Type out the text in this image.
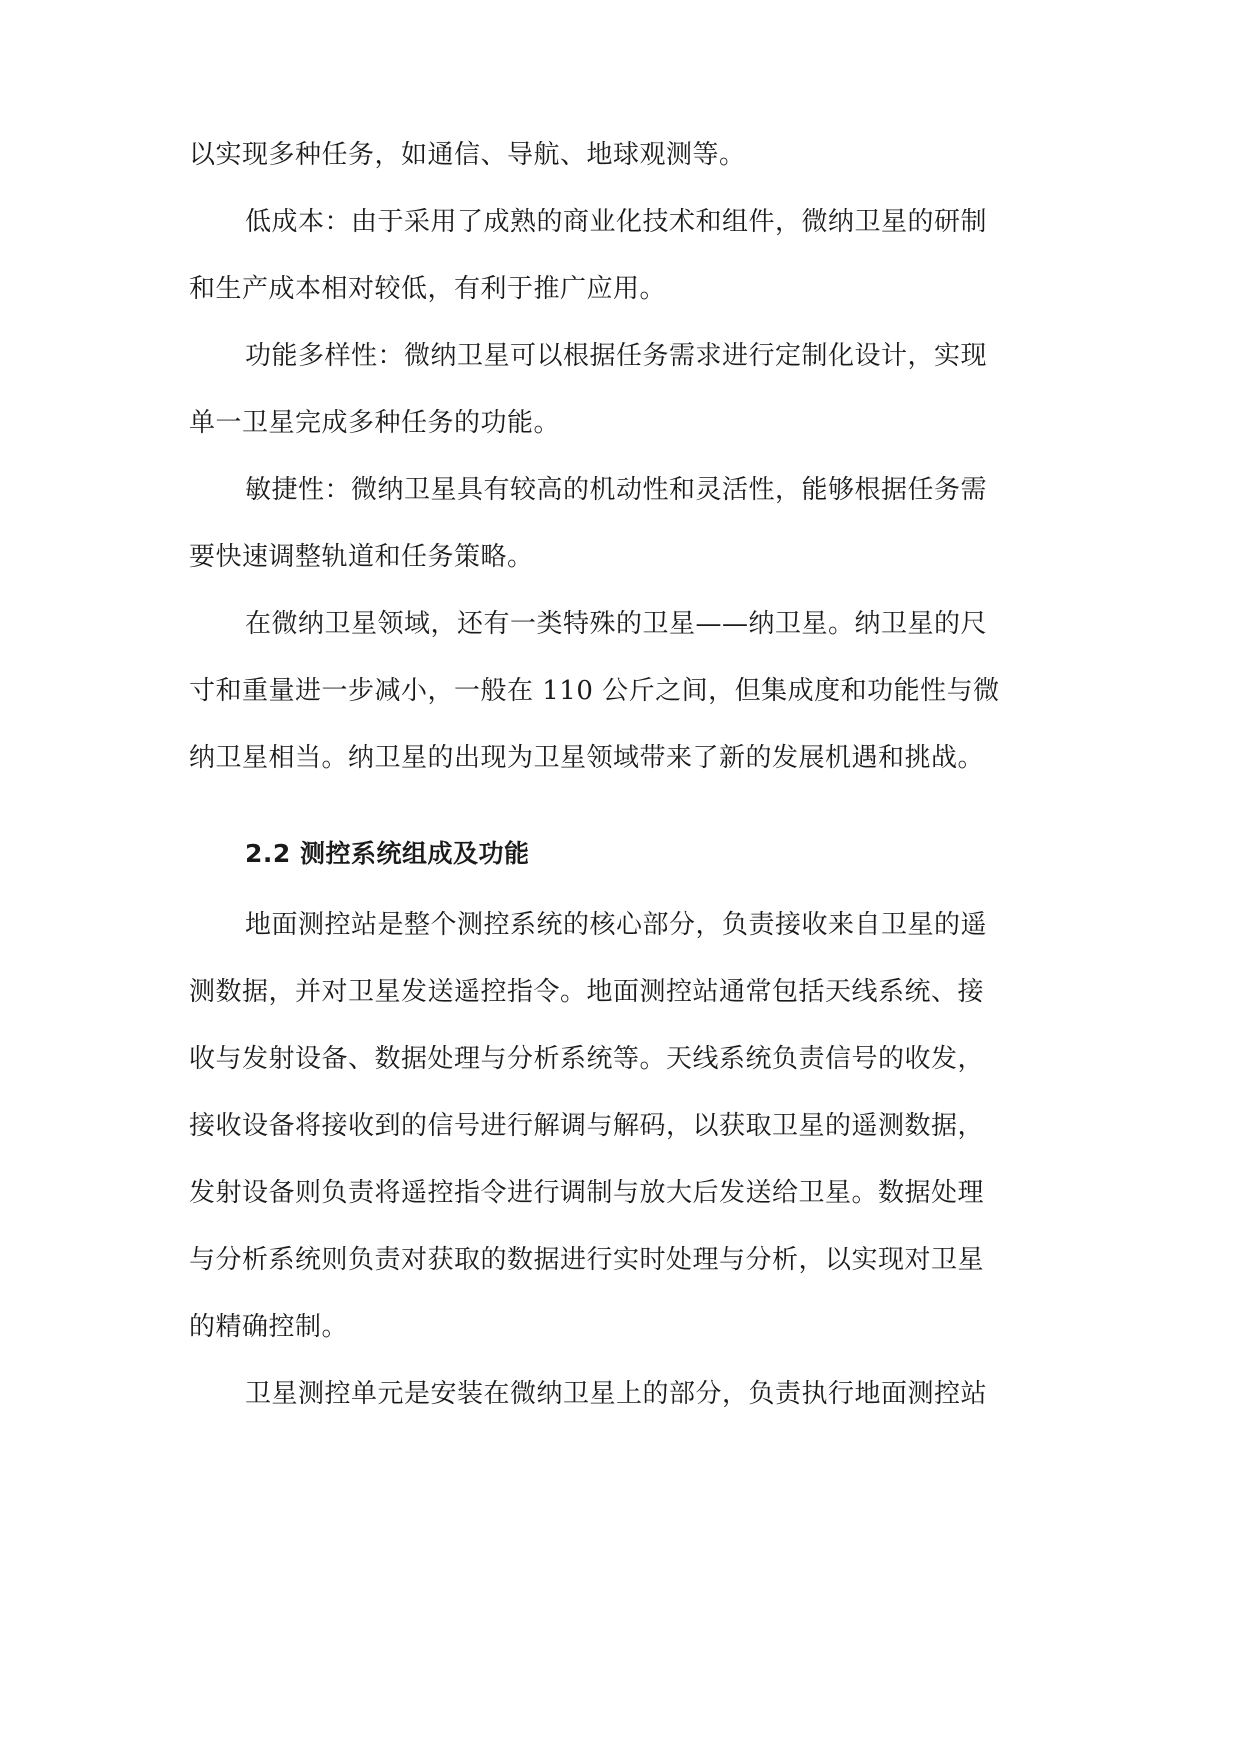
以实现多种任务，如通信、导航、地球观测等。
低成本：由于采用了成熟的商业化技术和组件，微纳卫星的研制
和生产成本相对较低，有利于推广应用。
功能多样性：微纳卫星可以根据任务需求进行定制化设计，实现
单一卫星完成多种任务的功能。
敏捷性：微纳卫星具有较高的机动性和灵活性，能够根据任务需
要快速调整轨道和任务策略。
在微纳卫星领域，还有一类特殊的卫星——纳卫星。纳卫星的尺
寸和重量进一步减小，一般在 110 公斤之间，但集成度和功能性与微
纳卫星相当。纳卫星的出现为卫星领域带来了新的发展机遇和挑战。
2.2 测控系统组成及功能
地面测控站是整个测控系统的核心部分，负责接收来自卫星的遥
测数据，并对卫星发送遥控指令。地面测控站通常包括天线系统、接
收与发射设备、数据处理与分析系统等。天线系统负责信号的收发，
接收设备将接收到的信号进行解调与解码，以获取卫星的遥测数据，
发射设备则负责将遥控指令进行调制与放大后发送给卫星。数据处理
与分析系统则负责对获取的数据进行实时处理与分析，以实现对卫星
的精确控制。
卫星测控单元是安装在微纳卫星上的部分，负责执行地面测控站
